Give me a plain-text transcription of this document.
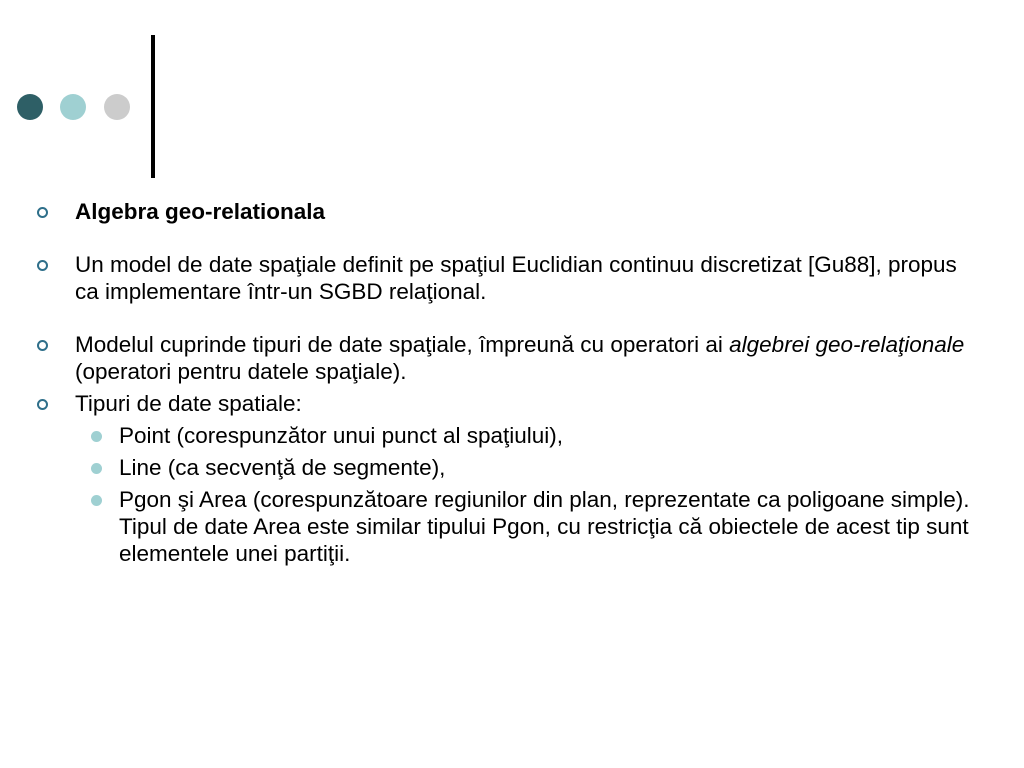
Algebra geo-relationala
Un model de date spaţiale definit pe spaţiul Euclidian continuu discretizat [Gu88], propus ca implementare într-un SGBD relaţional.
Modelul cuprinde tipuri de date spaţiale, împreună cu operatori ai algebrei geo-relaţionale (operatori pentru datele spaţiale).
Tipuri de date spatiale:
Point (corespunzător unui punct al spaţiului),
Line (ca secvenţă de segmente),
Pgon şi Area (corespunzătoare regiunilor din plan, reprezentate ca poligoane simple). Tipul de date Area este similar tipului Pgon, cu restricţia că obiectele de acest tip sunt elementele unei partiţii.
